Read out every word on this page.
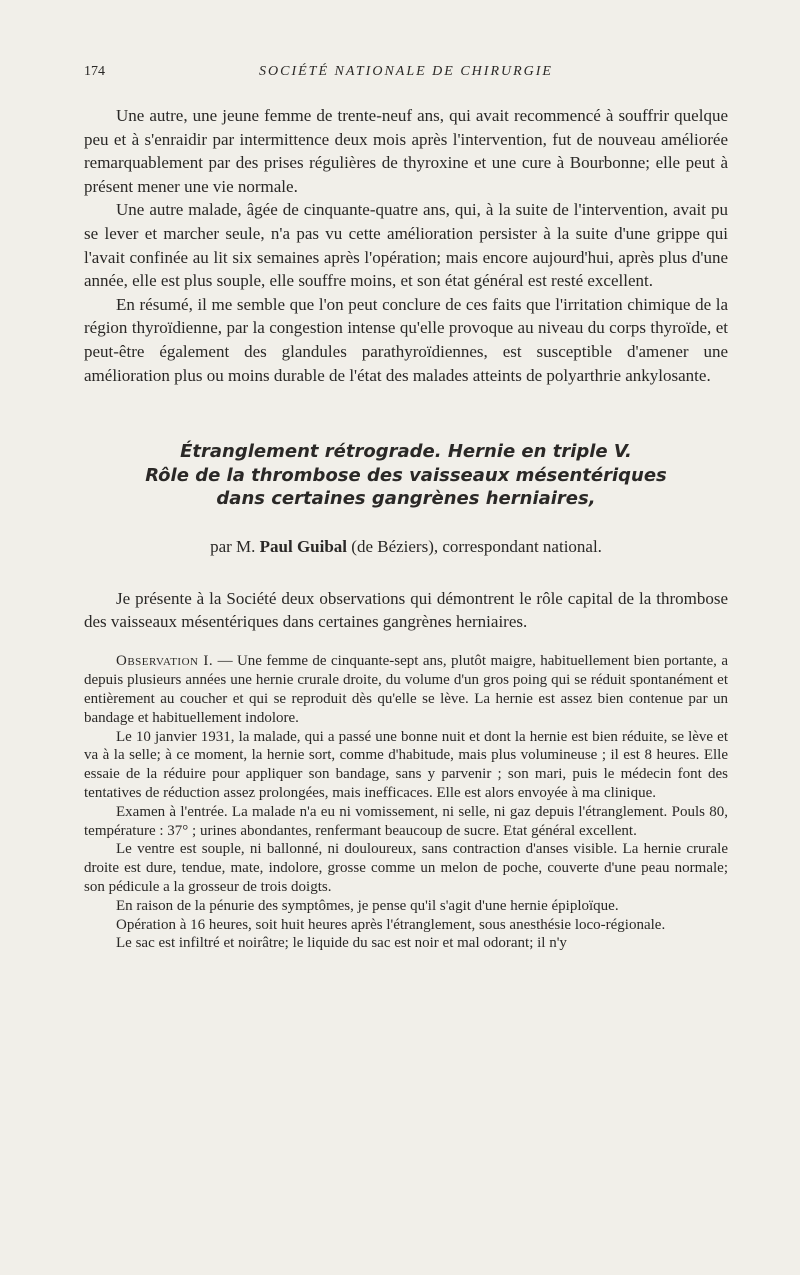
174	SOCIÉTÉ NATIONALE DE CHIRURGIE

Une autre, une jeune femme de trente-neuf ans, qui avait recommencé à souffrir quelque peu et à s'enraidir par intermittence deux mois après l'intervention, fut de nouveau améliorée remarquablement par des prises régulières de thyroxine et une cure à Bourbonne; elle peut à présent mener une vie normale.

Une autre malade, âgée de cinquante-quatre ans, qui, à la suite de l'intervention, avait pu se lever et marcher seule, n'a pas vu cette amélioration persister à la suite d'une grippe qui l'avait confinée au lit six semaines après l'opération; mais encore aujourd'hui, après plus d'une année, elle est plus souple, elle souffre moins, et son état général est resté excellent.

En résumé, il me semble que l'on peut conclure de ces faits que l'irritation chimique de la région thyroïdienne, par la congestion intense qu'elle provoque au niveau du corps thyroïde, et peut-être également des glandules parathyroïdiennes, est susceptible d'amener une amélioration plus ou moins durable de l'état des malades atteints de polyarthrie ankylosante.

Étranglement rétrograde. Hernie en triple V.
Rôle de la thrombose des vaisseaux mésentériques
dans certaines gangrènes herniaires,
par M. Paul Guibal (de Béziers), correspondant national.

Je présente à la Société deux observations qui démontrent le rôle capital de la thrombose des vaisseaux mésentériques dans certaines gangrènes herniaires.

Observation I. — Une femme de cinquante-sept ans, plutôt maigre, habituellement bien portante, a depuis plusieurs années une hernie crurale droite, du volume d'un gros poing qui se réduit spontanément et entièrement au coucher et qui se reproduit dès qu'elle se lève. La hernie est assez bien contenue par un bandage et habituellement indolore.

Le 10 janvier 1931, la malade, qui a passé une bonne nuit et dont la hernie est bien réduite, se lève et va à la selle; à ce moment, la hernie sort, comme d'habitude, mais plus volumineuse ; il est 8 heures. Elle essaie de la réduire pour appliquer son bandage, sans y parvenir ; son mari, puis le médecin font des tentatives de réduction assez prolongées, mais inefficaces. Elle est alors envoyée à ma clinique.

Examen à l'entrée. La malade n'a eu ni vomissement, ni selle, ni gaz depuis l'étranglement. Pouls 80, température : 37° ; urines abondantes, renfermant beaucoup de sucre. Etat général excellent.

Le ventre est souple, ni ballonné, ni douloureux, sans contraction d'anses visible. La hernie crurale droite est dure, tendue, mate, indolore, grosse comme un melon de poche, couverte d'une peau normale; son pédicule a la grosseur de trois doigts.

En raison de la pénurie des symptômes, je pense qu'il s'agit d'une hernie épiploïque.

Opération à 16 heures, soit huit heures après l'étranglement, sous anesthésie loco-régionale.

Le sac est infiltré et noirâtre; le liquide du sac est noir et mal odorant; il n'y
